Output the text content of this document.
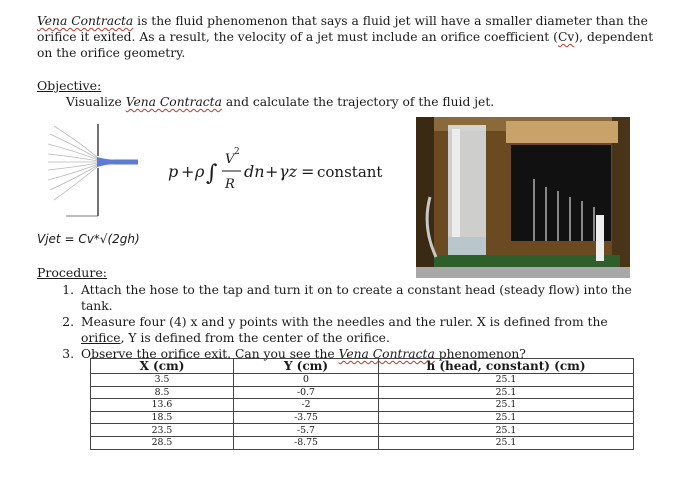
Vena Contracta is the fluid phenomenon that says a fluid jet will have a smaller diameter than the orifice it exited. As a result, the velocity of a jet must include an orifice coefficient (Cv), dependent on the orifice geometry.
Objective:
Visualize Vena Contracta and calculate the trajectory of the fluid jet.
p + ρ ∫
V 2
R
dn + γz = constant
Vjet = Cv*√(2gh)
Procedure:
1. Attach the hose to the tap and turn it on to create a constant head (steady flow) into the tank.
2. Measure four (4) x and y points with the needles and the ruler. X is defined from the orifice, Y is defined from the center of the orifice.
3. Observe the orifice exit. Can you see the Vena Contracta phenomenon?
X (cm)	Y (cm)	h (head, constant) (cm)
3.5	0	25.1
8.5	-0.7	25.1
13.6	-2	25.1
18.5	-3.75	25.1
23.5	-5.7	25.1
28.5	-8.75	25.1
